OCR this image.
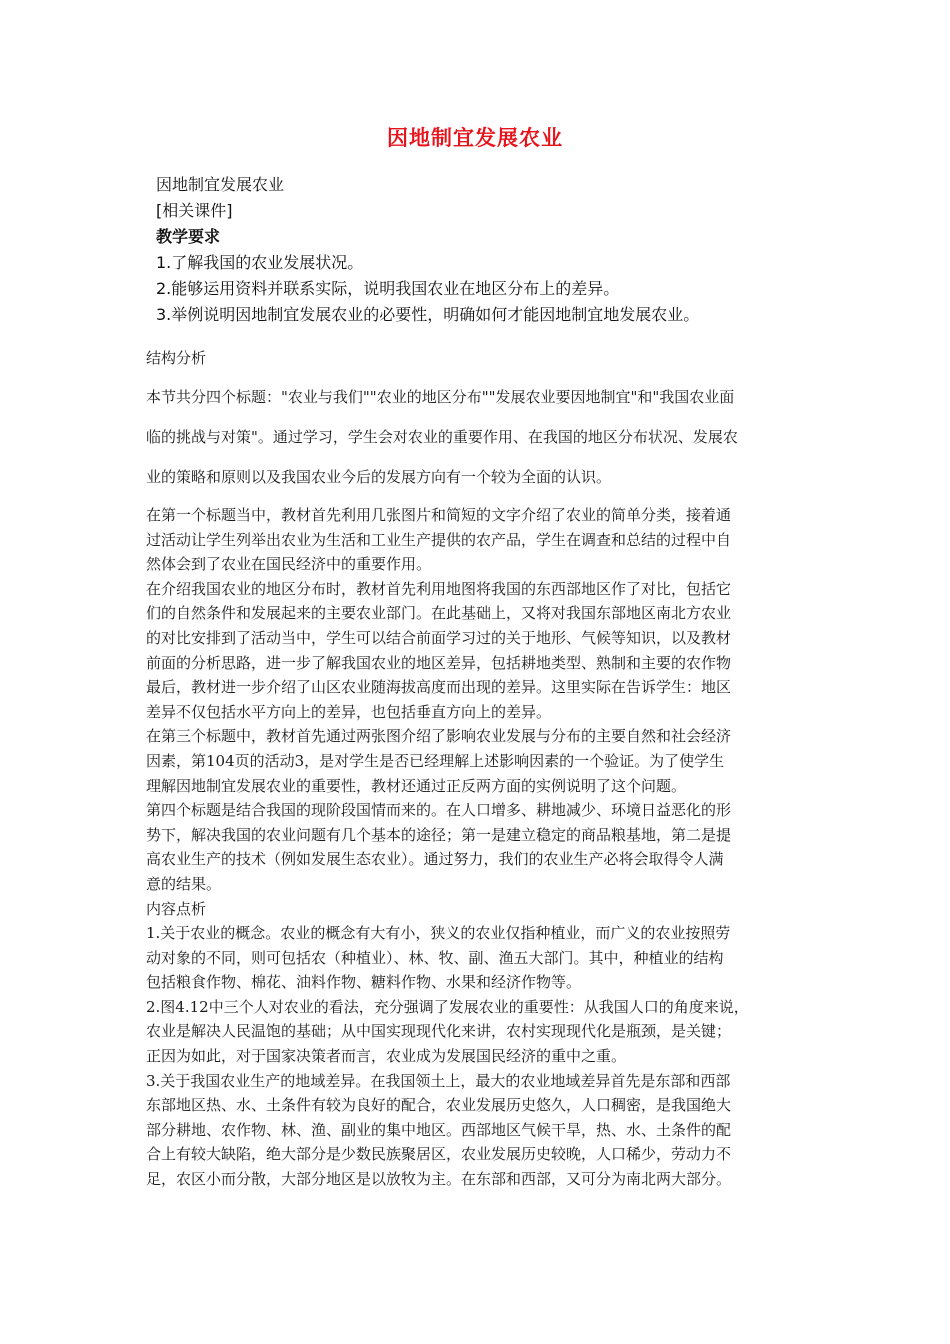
因地制宜发展农业
因地制宜发展农业
[相关课件]
教学要求
1.了解我国的农业发展状况。
2.能够运用资料并联系实际，说明我国农业在地区分布上的差异。
3.举例说明因地制宜发展农业的必要性，明确如何才能因地制宜地发展农业。
结构分析
本节共分四个标题："农业与我们""农业的地区分布""发展农业要因地制宜"和"我国农业面
临的挑战与对策"。通过学习，学生会对农业的重要作用、在我国的地区分布状况、发展农
业的策略和原则以及我国农业今后的发展方向有一个较为全面的认识。
在第一个标题当中，教材首先利用几张图片和简短的文字介绍了农业的简单分类，接着通
过活动让学生列举出农业为生活和工业生产提供的农产品，学生在调查和总结的过程中自
然体会到了农业在国民经济中的重要作用。
在介绍我国农业的地区分布时，教材首先利用地图将我国的东西部地区作了对比，包括它
们的自然条件和发展起来的主要农业部门。在此基础上，又将对我国东部地区南北方农业
的对比安排到了活动当中，学生可以结合前面学习过的关于地形、气候等知识，以及教材
前面的分析思路，进一步了解我国农业的地区差异，包括耕地类型、熟制和主要的农作物
最后，教材进一步介绍了山区农业随海拔高度而出现的差异。这里实际在告诉学生：地区
差异不仅包括水平方向上的差异，也包括垂直方向上的差异。
在第三个标题中，教材首先通过两张图介绍了影响农业发展与分布的主要自然和社会经济
因素，第104页的活动3，是对学生是否已经理解上述影响因素的一个验证。为了使学生
理解因地制宜发展农业的重要性，教材还通过正反两方面的实例说明了这个问题。
第四个标题是结合我国的现阶段国情而来的。在人口增多、耕地减少、环境日益恶化的形
势下，解决我国的农业问题有几个基本的途径；第一是建立稳定的商品粮基地，第二是提
高农业生产的技术（例如发展生态农业）。通过努力，我们的农业生产必将会取得令人满
意的结果。
内容点析
1.关于农业的概念。农业的概念有大有小，狭义的农业仅指种植业，而广义的农业按照劳
动对象的不同，则可包括农（种植业）、林、牧、副、渔五大部门。其中，种植业的结构
包括粮食作物、棉花、油料作物、糖料作物、水果和经济作物等。
2.图4.12中三个人对农业的看法，充分强调了发展农业的重要性：从我国人口的角度来说，
农业是解决人民温饱的基础；从中国实现现代化来讲，农村实现现代化是瓶颈，是关键；
正因为如此，对于国家决策者而言，农业成为发展国民经济的重中之重。
3.关于我国农业生产的地域差异。在我国领土上，最大的农业地域差异首先是东部和西部
东部地区热、水、土条件有较为良好的配合，农业发展历史悠久，人口稠密，是我国绝大
部分耕地、农作物、林、渔、副业的集中地区。西部地区气候干旱，热、水、土条件的配
合上有较大缺陷，绝大部分是少数民族聚居区，农业发展历史较晚，人口稀少，劳动力不
足，农区小而分散，大部分地区是以放牧为主。在东部和西部，又可分为南北两大部分。
